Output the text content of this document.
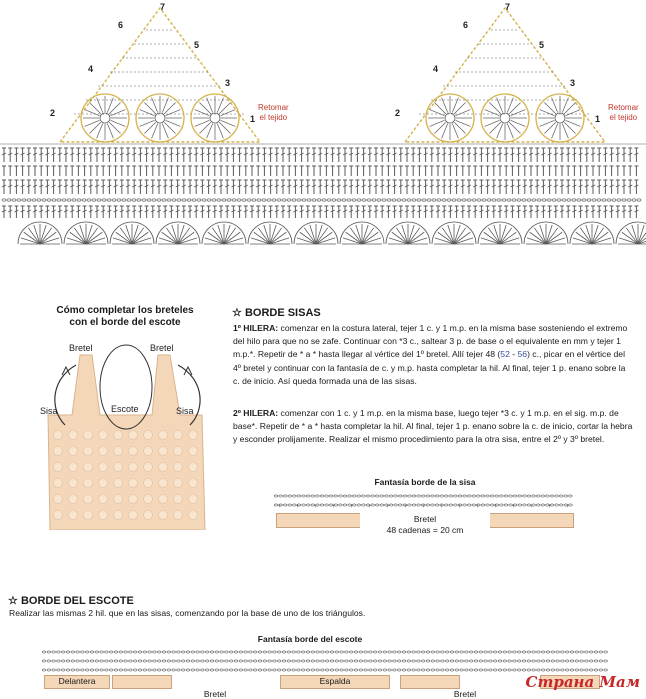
1
2
3
4
5
6
7
1
2
3
4
5
6
7
Retomar
el tejido
Retomar
el tejido
Cómo completar los breteles
con el borde del escote
Bretel	Bretel
Sisa	Sisa
Escote
☆ BORDE SISAS
1º HILERA: comenzar en la costura lateral, tejer 1 c. y 1 m.p. en la misma base sosteniendo el extremo del hilo para que no se zafe. Continuar con *3 c., saltear 3 p. de base o el equivalente en mm y tejer 1 m.p.*. Repetir de * a * hasta llegar al vértice del 1º bretel. Allí tejer 48 (52 - 56) c., picar en el vértice del 4º bretel y continuar con la fantasía de c. y m.p. hasta completar la hil. Al final, tejer 1 p. enano sobre la c. de inicio. Así queda formada una de las sisas.
2º HILERA: comenzar con 1 c. y 1 m.p. en la misma base, luego tejer *3 c. y 1 m.p. en el sig. m.p. de base*. Repetir de * a * hasta completar la hil. Al final, tejer 1 p. enano sobre la c. de inicio, cortar la hebra y esconder prolijamente. Realizar el mismo procedimiento para la otra sisa, entre el 2º y 3º bretel.
Fantasía borde de la sisa
+ + + + + + + + + + + + + + + + +
Bretel
48 cadenas = 20 cm
☆ BORDE DEL ESCOTE
Realizar las mismas 2 hil. que en las sisas, comenzando por la base de uno de los triángulos.
Fantasía borde del escote
Delantera
Bretel
Espalda
Bretel
Страна Мам
